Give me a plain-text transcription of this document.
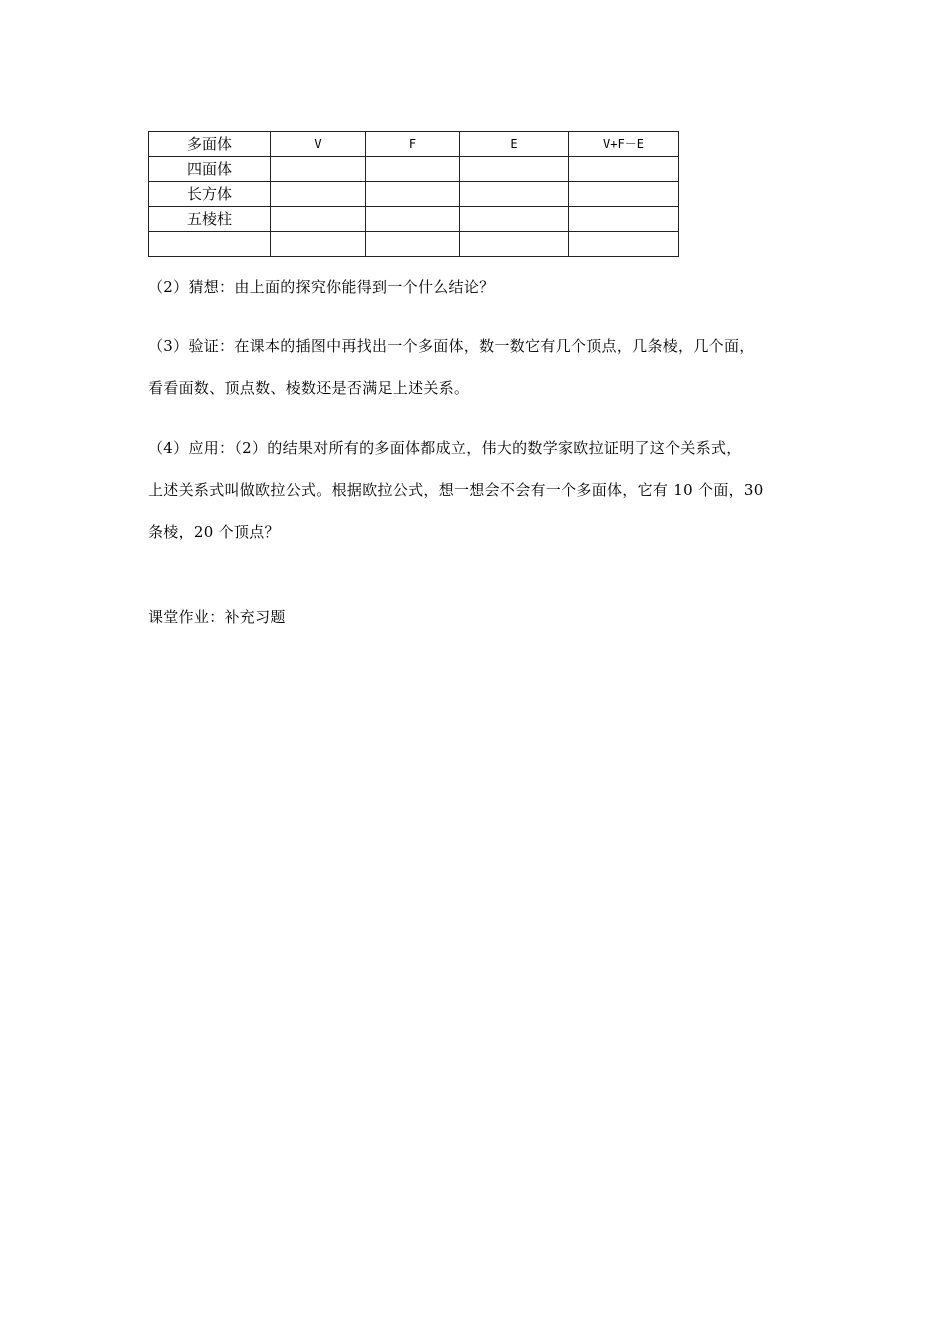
多面体	V	F	E	V+F－E
四面体				
长方体				
五棱柱				

（2）猜想：由上面的探究你能得到一个什么结论？

（3）验证：在课本的插图中再找出一个多面体，数一数它有几个顶点，几条棱，几个面，
看看面数、顶点数、棱数还是否满足上述关系。

（4）应用：（2）的结果对所有的多面体都成立，伟大的数学家欧拉证明了这个关系式，
上述关系式叫做欧拉公式。根据欧拉公式，想一想会不会有一个多面体，它有 10 个面，30
条棱，20 个顶点？

课堂作业：补充习题
